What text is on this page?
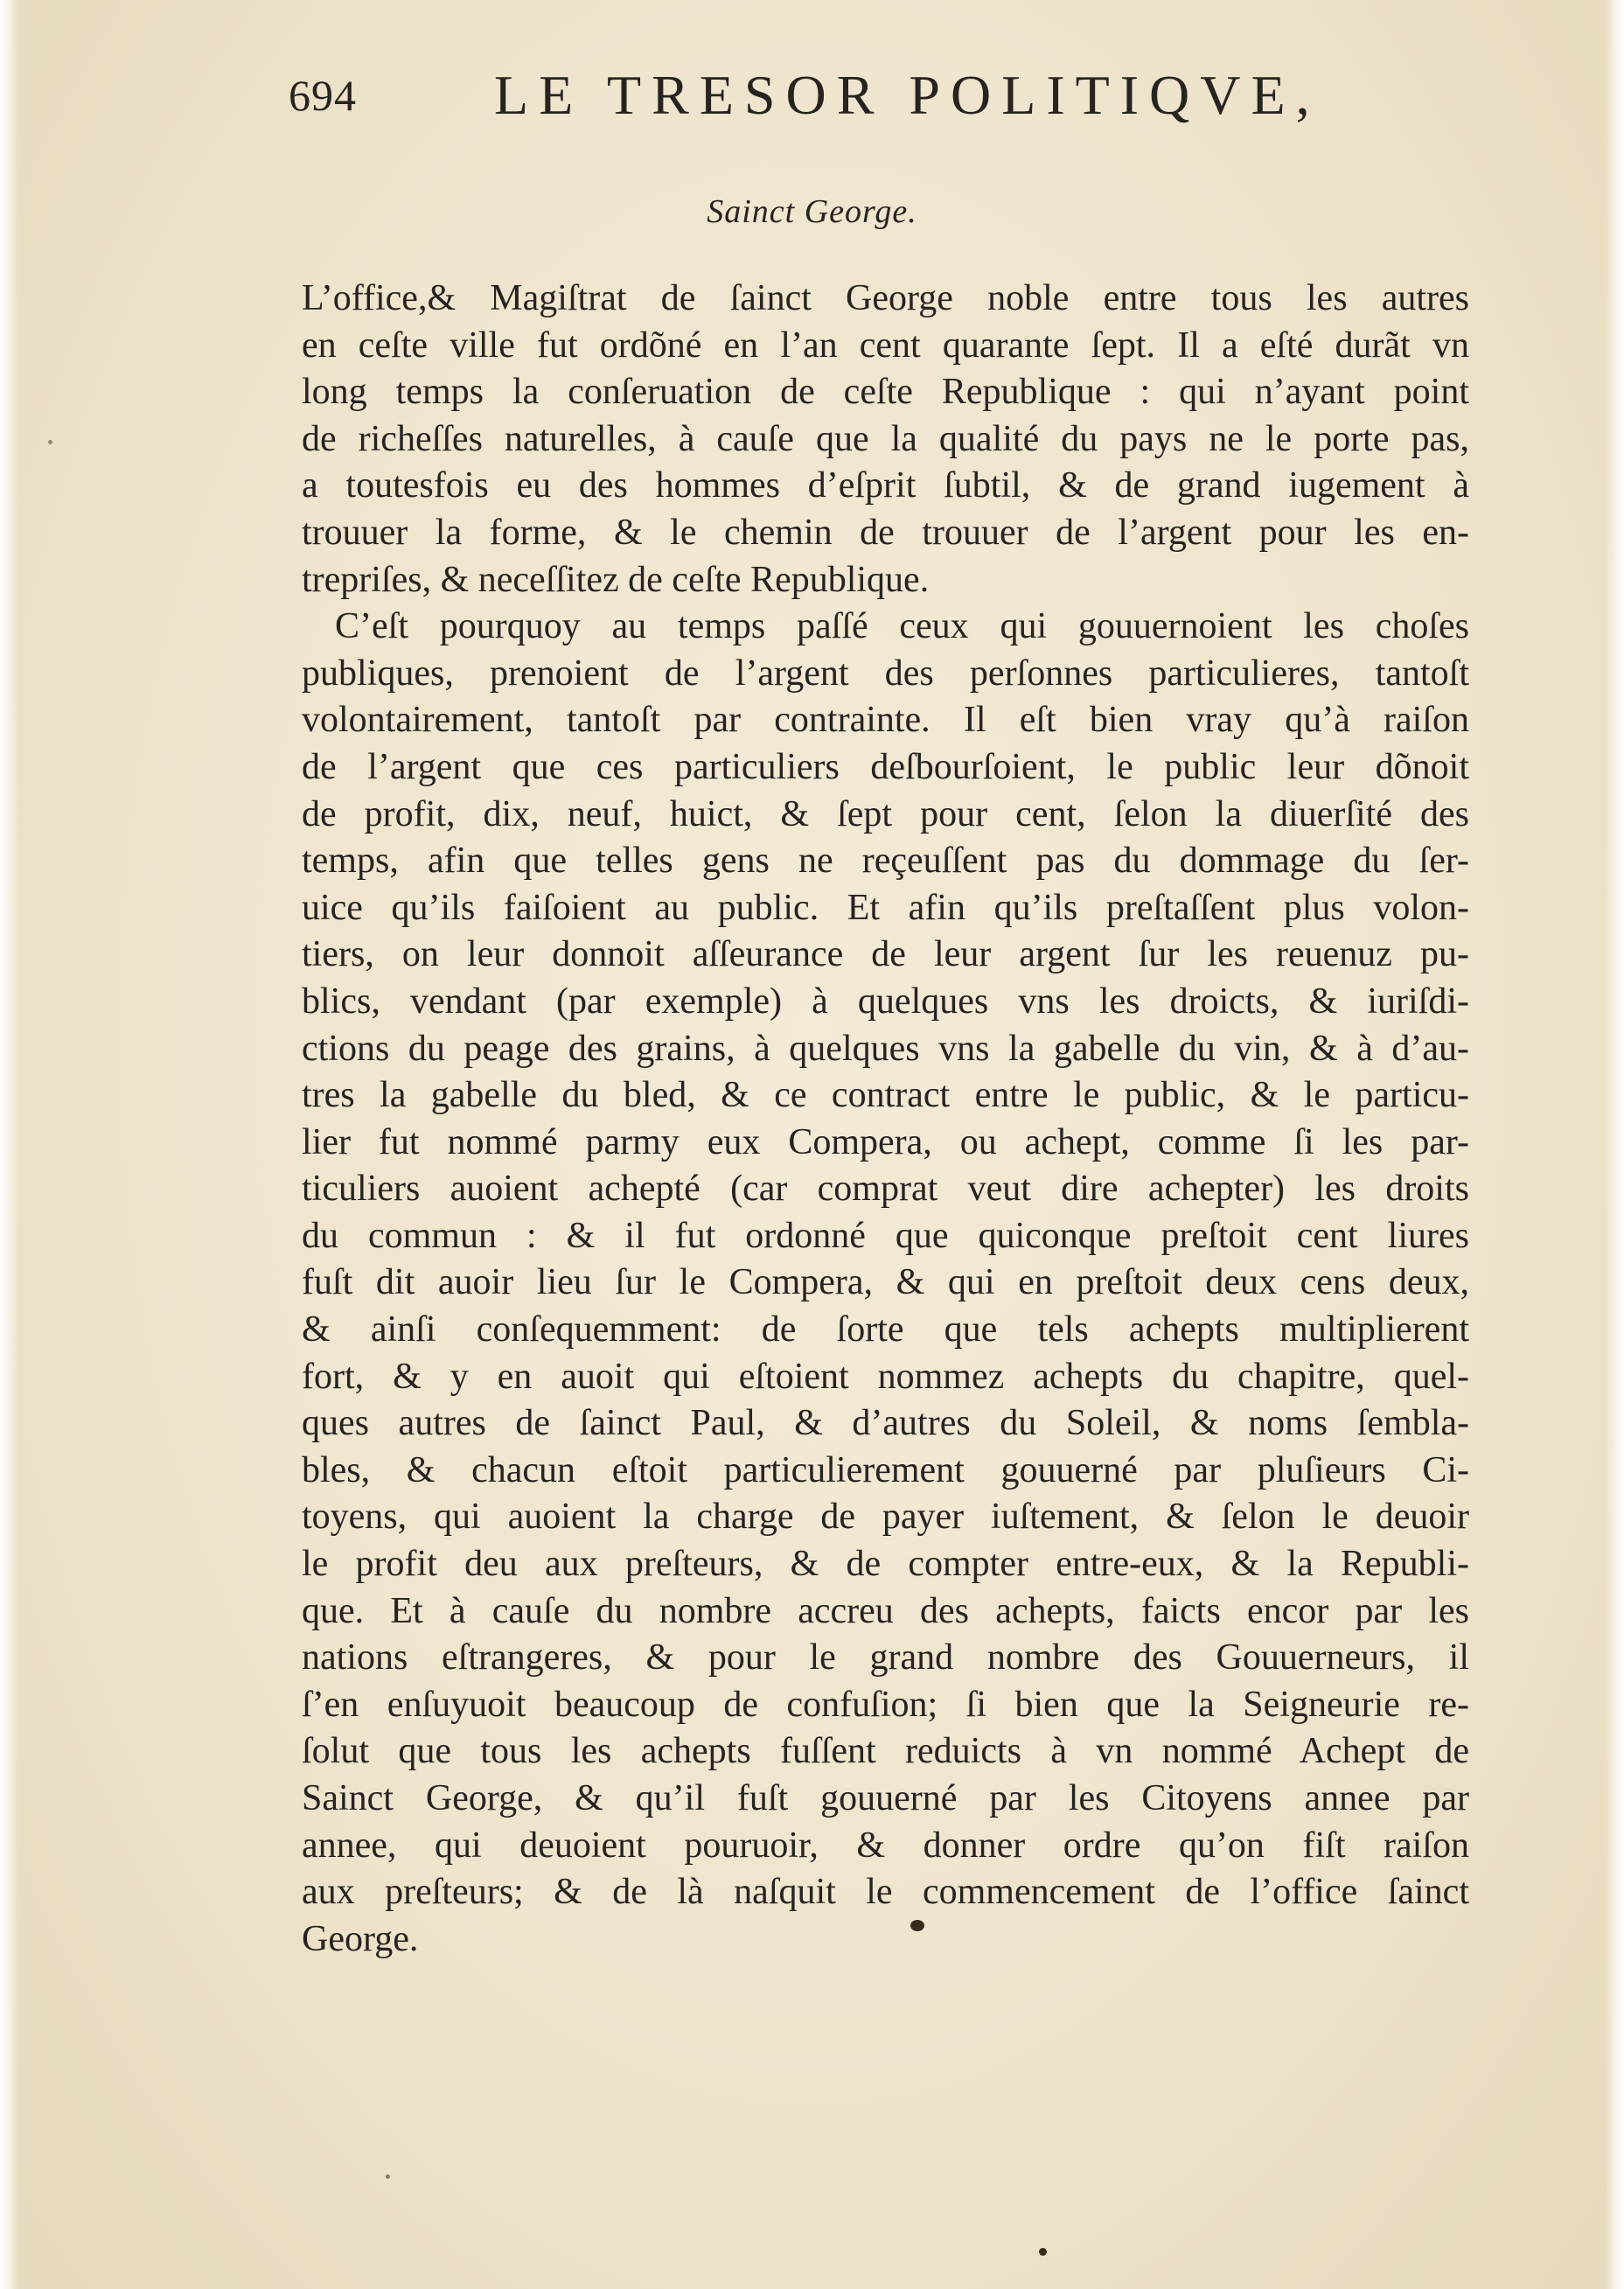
694 LE TRESOR POLITIQVE,
Sainct George.
L’office,& Magiſtrat de ſainct George noble entre tous les autres
en ceſte ville fut ordõné en l’an cent quarante ſept. Il a eſté durãt vn
long temps la conſeruation de ceſte Republique : qui n’ayant point
de richeſſes naturelles, à cauſe que la qualité du pays ne le porte pas,
a toutesfois eu des hommes d’eſprit ſubtil, & de grand iugement à
trouuer la forme, & le chemin de trouuer de l’argent pour les en-
trepriſes, & neceſſitez de ceſte Republique.
C’eſt pourquoy au temps paſſé ceux qui gouuernoient les choſes
publiques, prenoient de l’argent des perſonnes particulieres, tantoſt
volontairement, tantoſt par contrainte. Il eſt bien vray qu’à raiſon
de l’argent que ces particuliers deſbourſoient, le public leur dõnoit
de profit, dix, neuf, huict, & ſept pour cent, ſelon la diuerſité des
temps, afin que telles gens ne reçeuſſent pas du dommage du ſer-
uice qu’ils faiſoient au public. Et afin qu’ils preſtaſſent plus volon-
tiers, on leur donnoit aſſeurance de leur argent ſur les reuenuz pu-
blics, vendant (par exemple) à quelques vns les droicts, & iuriſdi-
ctions du peage des grains, à quelques vns la gabelle du vin, & à d’au-
tres la gabelle du bled, & ce contract entre le public, & le particu-
lier fut nommé parmy eux Compera, ou achept, comme ſi les par-
ticuliers auoient achepté (car comprat veut dire achepter) les droits
du commun : & il fut ordonné que quiconque preſtoit cent liures
fuſt dit auoir lieu ſur le Compera, & qui en preſtoit deux cens deux,
& ainſi conſequemment: de ſorte que tels achepts multiplierent
fort, & y en auoit qui eſtoient nommez achepts du chapitre, quel-
ques autres de ſainct Paul, & d’autres du Soleil, & noms ſembla-
bles, & chacun eſtoit particulierement gouuerné par pluſieurs Ci-
toyens, qui auoient la charge de payer iuſtement, & ſelon le deuoir
le profit deu aux preſteurs, & de compter entre-eux, & la Republi-
que. Et à cauſe du nombre accreu des achepts, faicts encor par les
nations eſtrangeres, & pour le grand nombre des Gouuerneurs, il
ſ’en enſuyuoit beaucoup de confuſion; ſi bien que la Seigneurie re-
ſolut que tous les achepts fuſſent reduicts à vn nommé Achept de
Sainct George, & qu’il fuſt gouuerné par les Citoyens annee par
annee, qui deuoient pouruoir, & donner ordre qu’on fiſt raiſon
aux preſteurs; & de là naſquit le commencement de l’office ſainct
George.
